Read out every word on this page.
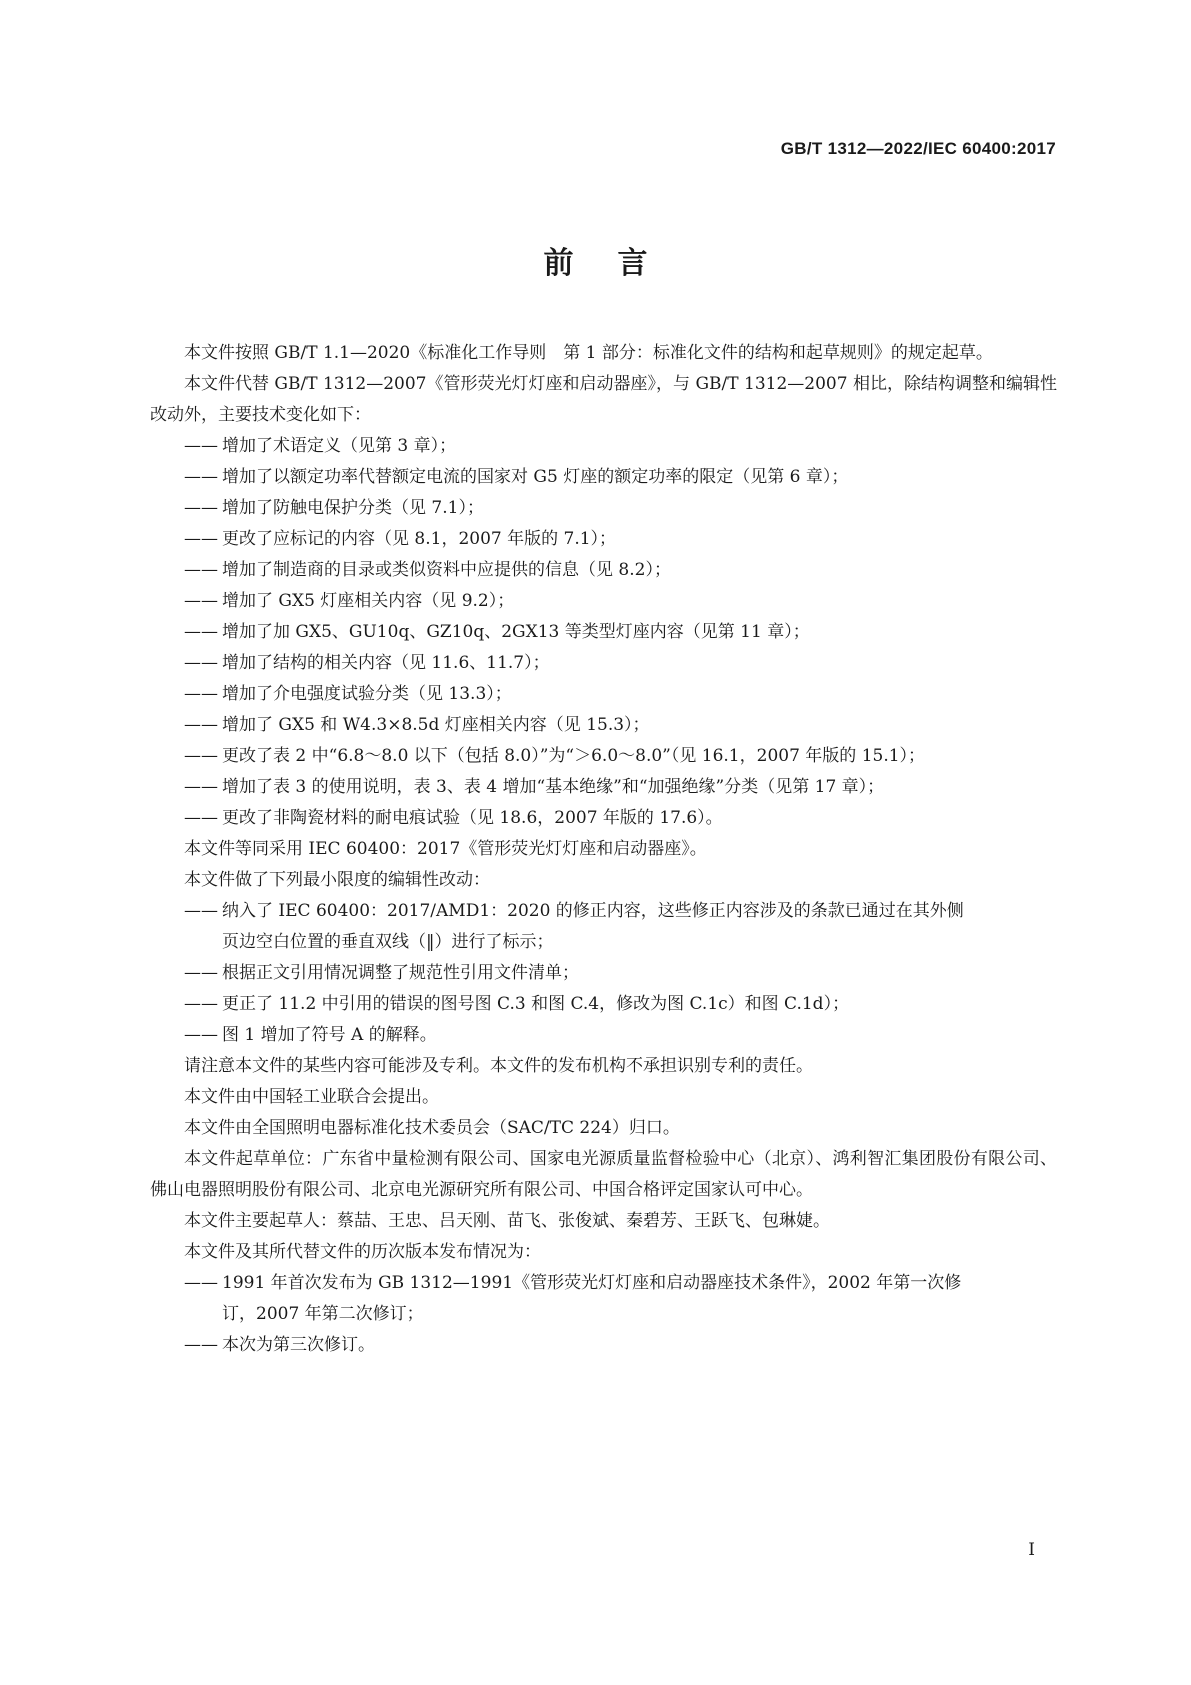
GB/T 1312—2022/IEC 60400:2017
前言

本文件按照 GB/T 1.1—2020《标准化工作导则　第 1 部分：标准化文件的结构和起草规则》的规定起草。

本文件代替 GB/T 1312—2007《管形荧光灯灯座和启动器座》，与 GB/T 1312—2007 相比，除结构调整和编辑性改动外，主要技术变化如下：

—— 增加了术语定义（见第 3 章）；
—— 增加了以额定功率代替额定电流的国家对 G5 灯座的额定功率的限定（见第 6 章）；
—— 增加了防触电保护分类（见 7.1）；
—— 更改了应标记的内容（见 8.1，2007 年版的 7.1）；
—— 增加了制造商的目录或类似资料中应提供的信息（见 8.2）；
—— 增加了 GX5 灯座相关内容（见 9.2）；
—— 增加了加 GX5、GU10q、GZ10q、2GX13 等类型灯座内容（见第 11 章）；
—— 增加了结构的相关内容（见 11.6、11.7）；
—— 增加了介电强度试验分类（见 13.3）；
—— 增加了 GX5 和 W4.3×8.5d 灯座相关内容（见 15.3）；
—— 更改了表 2 中“6.8～8.0 以下（包括 8.0）”为“＞6.0～8.0”（见 16.1，2007 年版的 15.1）；
—— 增加了表 3 的使用说明，表 3、表 4 增加“基本绝缘”和“加强绝缘”分类（见第 17 章）；
—— 更改了非陶瓷材料的耐电痕试验（见 18.6，2007 年版的 17.6）。

本文件等同采用 IEC 60400：2017《管形荧光灯灯座和启动器座》。

本文件做了下列最小限度的编辑性改动：

—— 纳入了 IEC 60400：2017/AMD1：2020 的修正内容，这些修正内容涉及的条款已通过在其外侧
页边空白位置的垂直双线（‖）进行了标示；
—— 根据正文引用情况调整了规范性引用文件清单；
—— 更正了 11.2 中引用的错误的图号图 C.3 和图 C.4，修改为图 C.1c）和图 C.1d）；
—— 图 1 增加了符号 A 的解释。

请注意本文件的某些内容可能涉及专利。本文件的发布机构不承担识别专利的责任。

本文件由中国轻工业联合会提出。

本文件由全国照明电器标准化技术委员会（SAC/TC 224）归口。

本文件起草单位：广东省中量检测有限公司、国家电光源质量监督检验中心（北京）、鸿利智汇集团股份有限公司、佛山电器照明股份有限公司、北京电光源研究所有限公司、中国合格评定国家认可中心。

本文件主要起草人：蔡喆、王忠、吕天刚、苗飞、张俊斌、秦碧芳、王跃飞、包琳婕。

本文件及其所代替文件的历次版本发布情况为：

—— 1991 年首次发布为 GB 1312—1991《管形荧光灯灯座和启动器座技术条件》，2002 年第一次修
订，2007 年第二次修订；
—— 本次为第三次修订。
I
